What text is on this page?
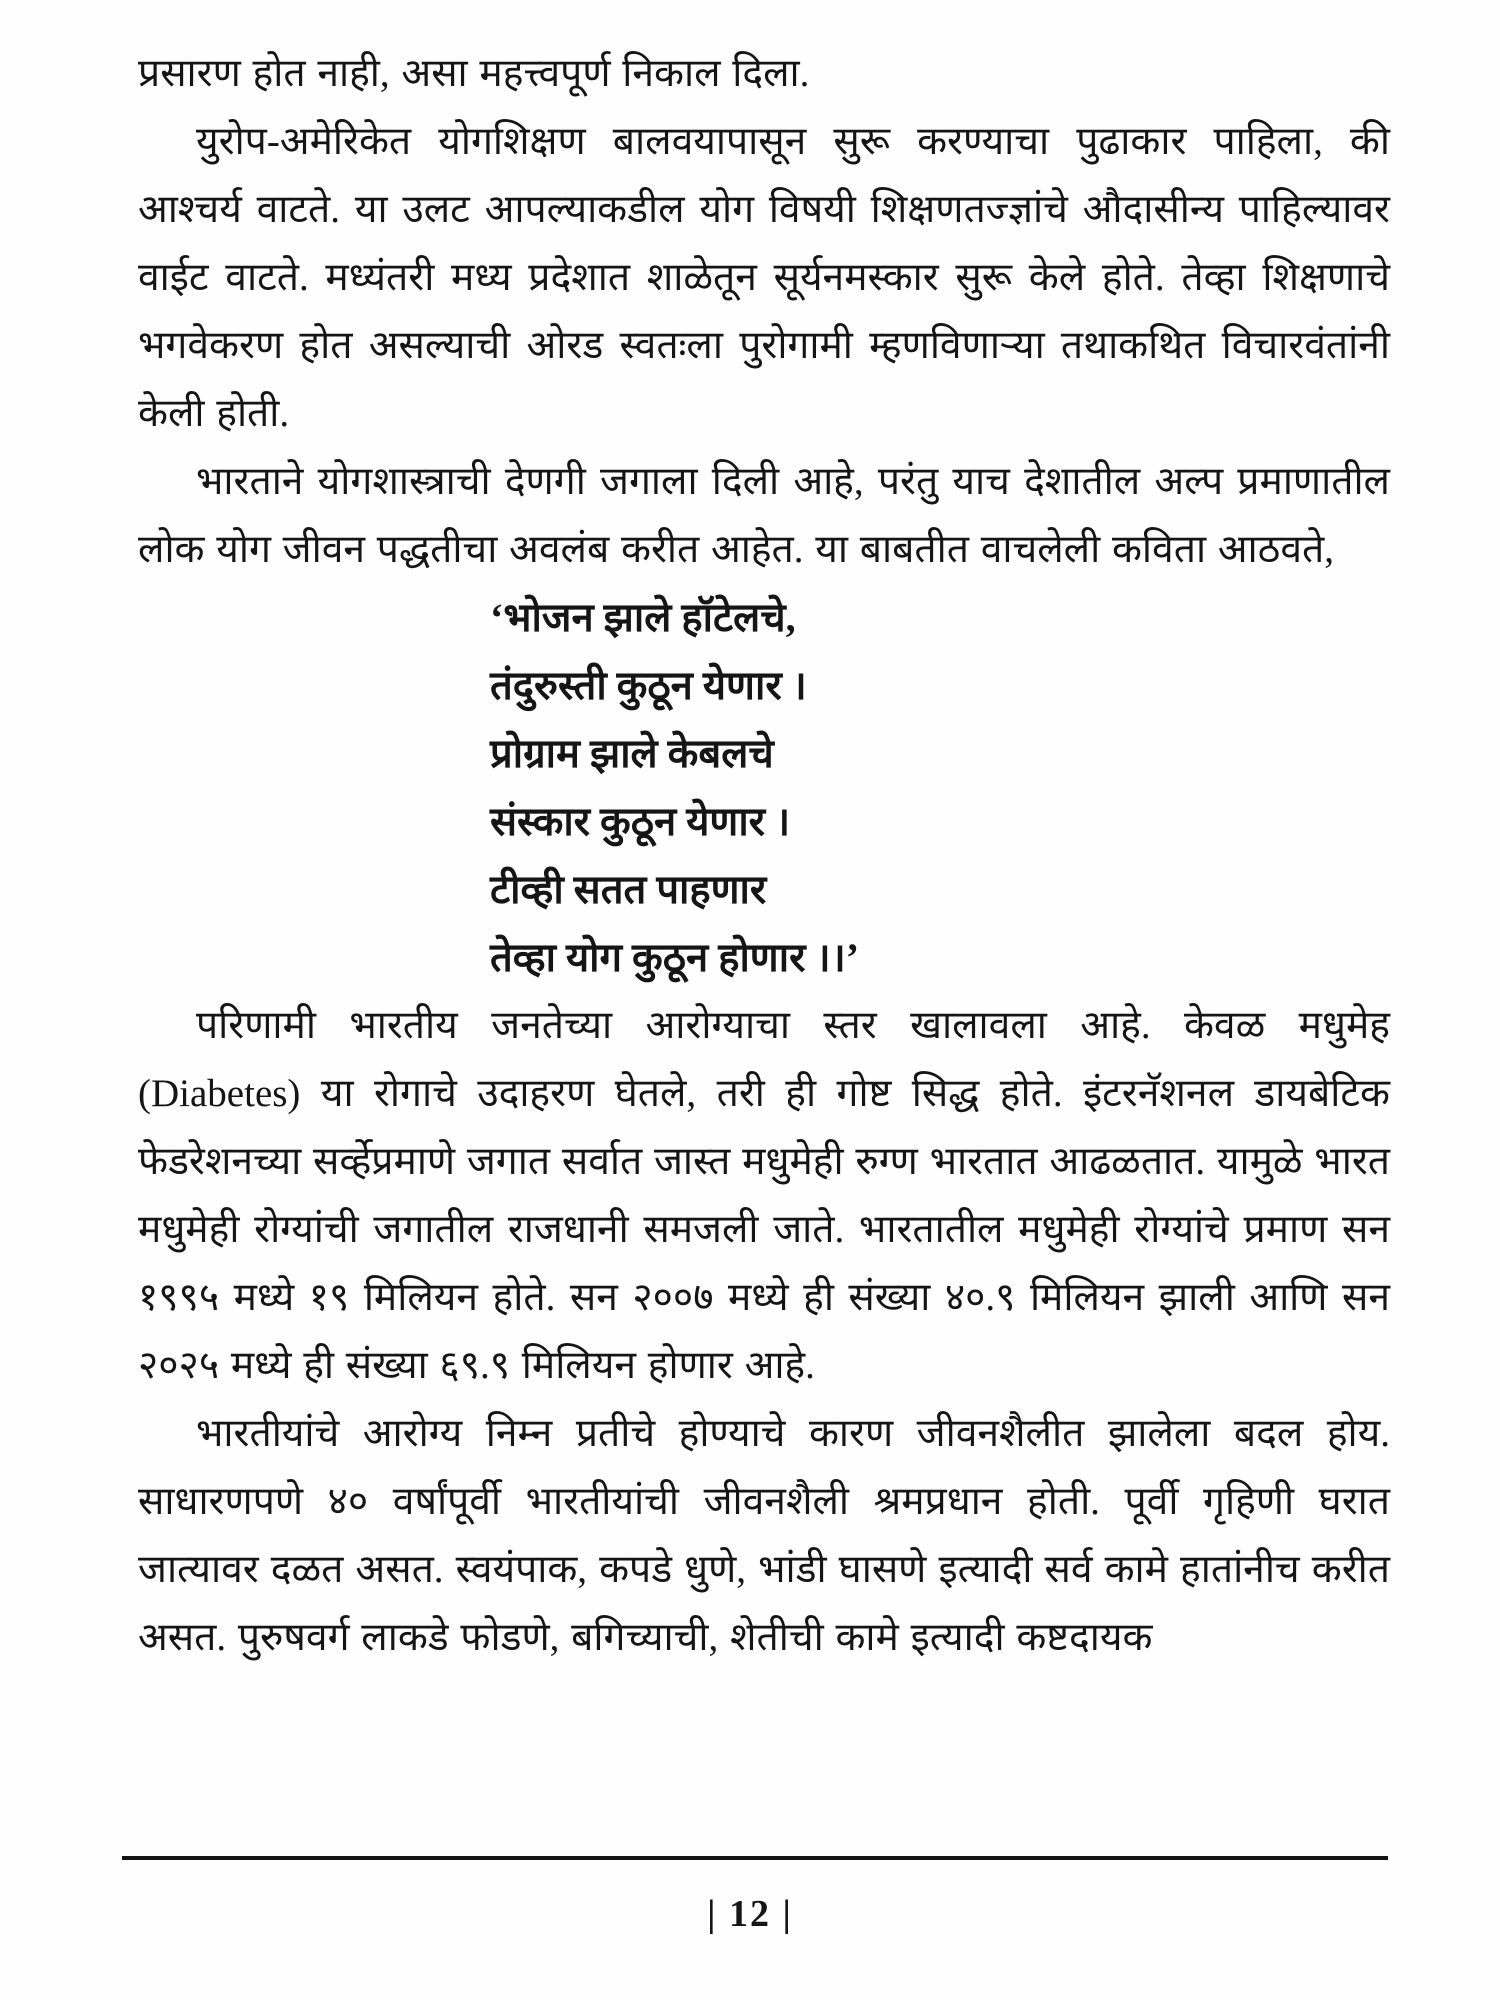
प्रसारण होत नाही, असा महत्त्वपूर्ण निकाल दिला.

युरोप-अमेरिकेत योगशिक्षण बालवयापासून सुरू करण्याचा पुढाकार पाहिला, की आश्चर्य वाटते. या उलट आपल्याकडील योग विषयी शिक्षणतज्ज्ञांचे औदासीन्य पाहिल्यावर वाईट वाटते. मध्यंतरी मध्य प्रदेशात शाळेतून सूर्यनमस्कार सुरू केले होते. तेव्हा शिक्षणाचे भगवेकरण होत असल्याची ओरड स्वतःला पुरोगामी म्हणविणाऱ्या तथाकथित विचारवंतांनी केली होती.

भारताने योगशास्त्राची देणगी जगाला दिली आहे, परंतु याच देशातील अल्प प्रमाणातील लोक योग जीवन पद्धतीचा अवलंब करीत आहेत. या बाबतीत वाचलेली कविता आठवते,

‘भोजन झाले हॉटेलचे,
तंदुरुस्ती कुठून येणार ।
प्रोग्राम झाले केबलचे
संस्कार कुठून येणार ।
टीव्ही सतत पाहणार
तेव्हा योग कुठून होणार ।।’

परिणामी भारतीय जनतेच्या आरोग्याचा स्तर खालावला आहे. केवळ मधुमेह (Diabetes) या रोगाचे उदाहरण घेतले, तरी ही गोष्ट सिद्ध होते. इंटरनॅशनल डायबेटिक फेडरेशनच्या सर्व्हेप्रमाणे जगात सर्वात जास्त मधुमेही रुग्ण भारतात आढळतात. यामुळे भारत मधुमेही रोग्यांची जगातील राजधानी समजली जाते. भारतातील मधुमेही रोग्यांचे प्रमाण सन १९९५ मध्ये १९ मिलियन होते. सन २००७ मध्ये ही संख्या ४०.९ मिलियन झाली आणि सन २०२५ मध्ये ही संख्या ६९.९ मिलियन होणार आहे.

भारतीयांचे आरोग्य निम्न प्रतीचे होण्याचे कारण जीवनशैलीत झालेला बदल होय. साधारणपणे ४० वर्षांपूर्वी भारतीयांची जीवनशैली श्रमप्रधान होती. पूर्वी गृहिणी घरात जात्यावर दळत असत. स्वयंपाक, कपडे धुणे, भांडी घासणे इत्यादी सर्व कामे हातांनीच करीत असत. पुरुषवर्ग लाकडे फोडणे, बगिच्याची, शेतीची कामे इत्यादी कष्टदायक

| 12 |
